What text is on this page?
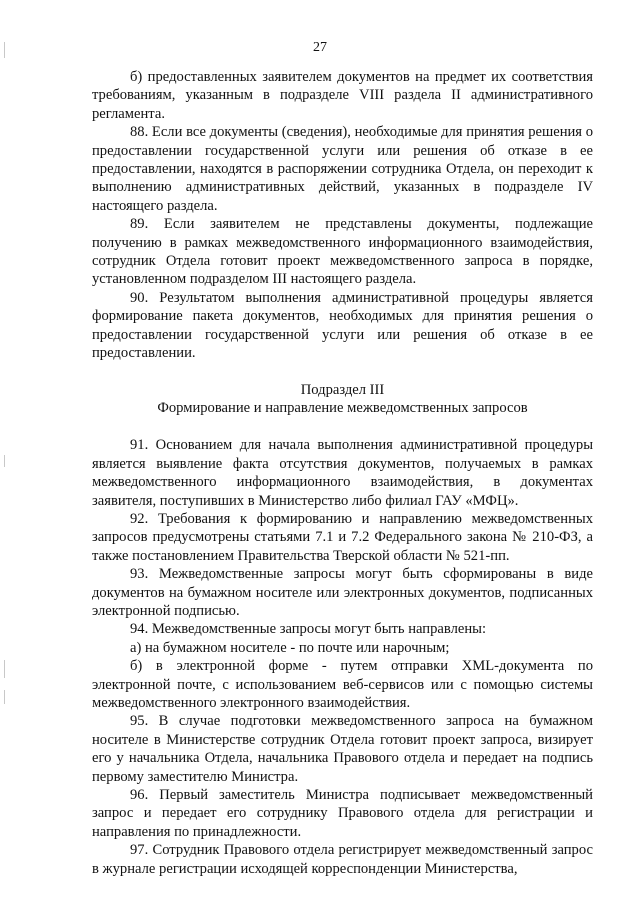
27

б) предоставленных заявителем документов на предмет их соответствия требованиям, указанным в подразделе VIII раздела II административного регламента.

88. Если все документы (сведения), необходимые для принятия решения о предоставлении государственной услуги или решения об отказе в ее предоставлении, находятся в распоряжении сотрудника Отдела, он переходит к выполнению административных действий, указанных в подразделе IV настоящего раздела.

89. Если заявителем не представлены документы, подлежащие получению в рамках межведомственного информационного взаимодействия, сотрудник Отдела готовит проект межведомственного запроса в порядке, установленном подразделом III настоящего раздела.

90. Результатом выполнения административной процедуры является формирование пакета документов, необходимых для принятия решения о предоставлении государственной услуги или решения об отказе в ее предоставлении.

Подраздел III

Формирование и направление межведомственных запросов

91. Основанием для начала выполнения административной процедуры является выявление факта отсутствия документов, получаемых в рамках межведомственного информационного взаимодействия, в документах заявителя, поступивших в Министерство либо филиал ГАУ «МФЦ».

92. Требования к формированию и направлению межведомственных запросов предусмотрены статьями 7.1 и 7.2 Федерального закона № 210-ФЗ, а также постановлением Правительства Тверской области № 521-пп.

93. Межведомственные запросы могут быть сформированы в виде документов на бумажном носителе или электронных документов, подписанных электронной подписью.

94. Межведомственные запросы могут быть направлены:

а) на бумажном носителе - по почте или нарочным;

б) в электронной форме - путем отправки XML-документа по электронной почте, с использованием веб-сервисов или с помощью системы межведомственного электронного взаимодействия.

95. В случае подготовки межведомственного запроса на бумажном носителе в Министерстве сотрудник Отдела готовит проект запроса, визирует его у начальника Отдела, начальника Правового отдела и передает на подпись первому заместителю Министра.

96. Первый заместитель Министра подписывает межведомственный запрос и передает его сотруднику Правового отдела для регистрации и направления по принадлежности.

97. Сотрудник Правового отдела регистрирует межведомственный запрос в журнале регистрации исходящей корреспонденции Министерства,
